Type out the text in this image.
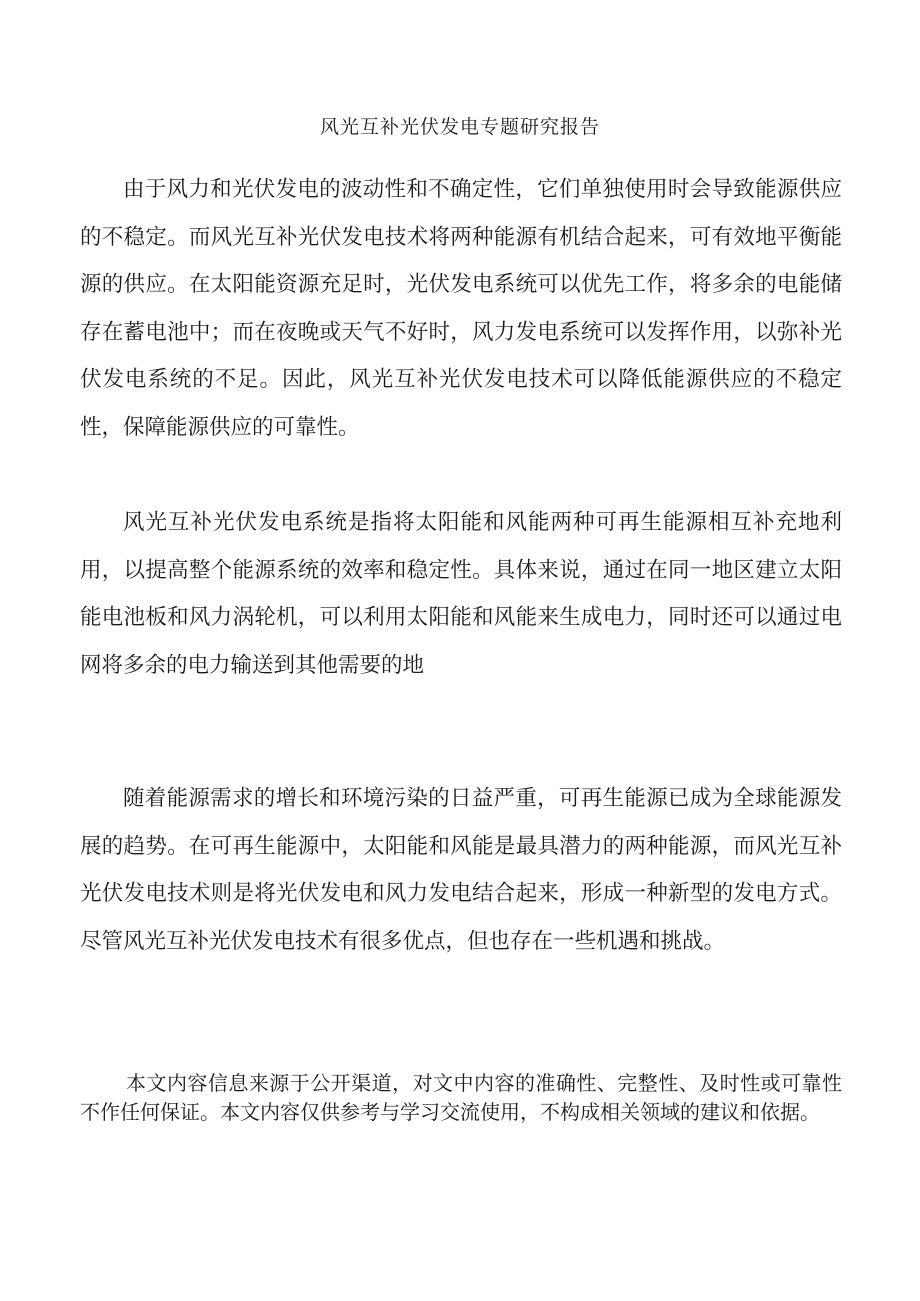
风光互补光伏发电专题研究报告

由于风力和光伏发电的波动性和不确定性，它们单独使用时会导致能源供应的不稳定。而风光互补光伏发电技术将两种能源有机结合起来，可有效地平衡能源的供应。在太阳能资源充足时，光伏发电系统可以优先工作，将多余的电能储存在蓄电池中；而在夜晚或天气不好时，风力发电系统可以发挥作用，以弥补光伏发电系统的不足。因此，风光互补光伏发电技术可以降低能源供应的不稳定性，保障能源供应的可靠性。

风光互补光伏发电系统是指将太阳能和风能两种可再生能源相互补充地利用，以提高整个能源系统的效率和稳定性。具体来说，通过在同一地区建立太阳能电池板和风力涡轮机，可以利用太阳能和风能来生成电力，同时还可以通过电网将多余的电力输送到其他需要的地

随着能源需求的增长和环境污染的日益严重，可再生能源已成为全球能源发展的趋势。在可再生能源中，太阳能和风能是最具潜力的两种能源，而风光互补光伏发电技术则是将光伏发电和风力发电结合起来，形成一种新型的发电方式。尽管风光互补光伏发电技术有很多优点，但也存在一些机遇和挑战。

本文内容信息来源于公开渠道，对文中内容的准确性、完整性、及时性或可靠性不作任何保证。本文内容仅供参考与学习交流使用，不构成相关领域的建议和依据。
